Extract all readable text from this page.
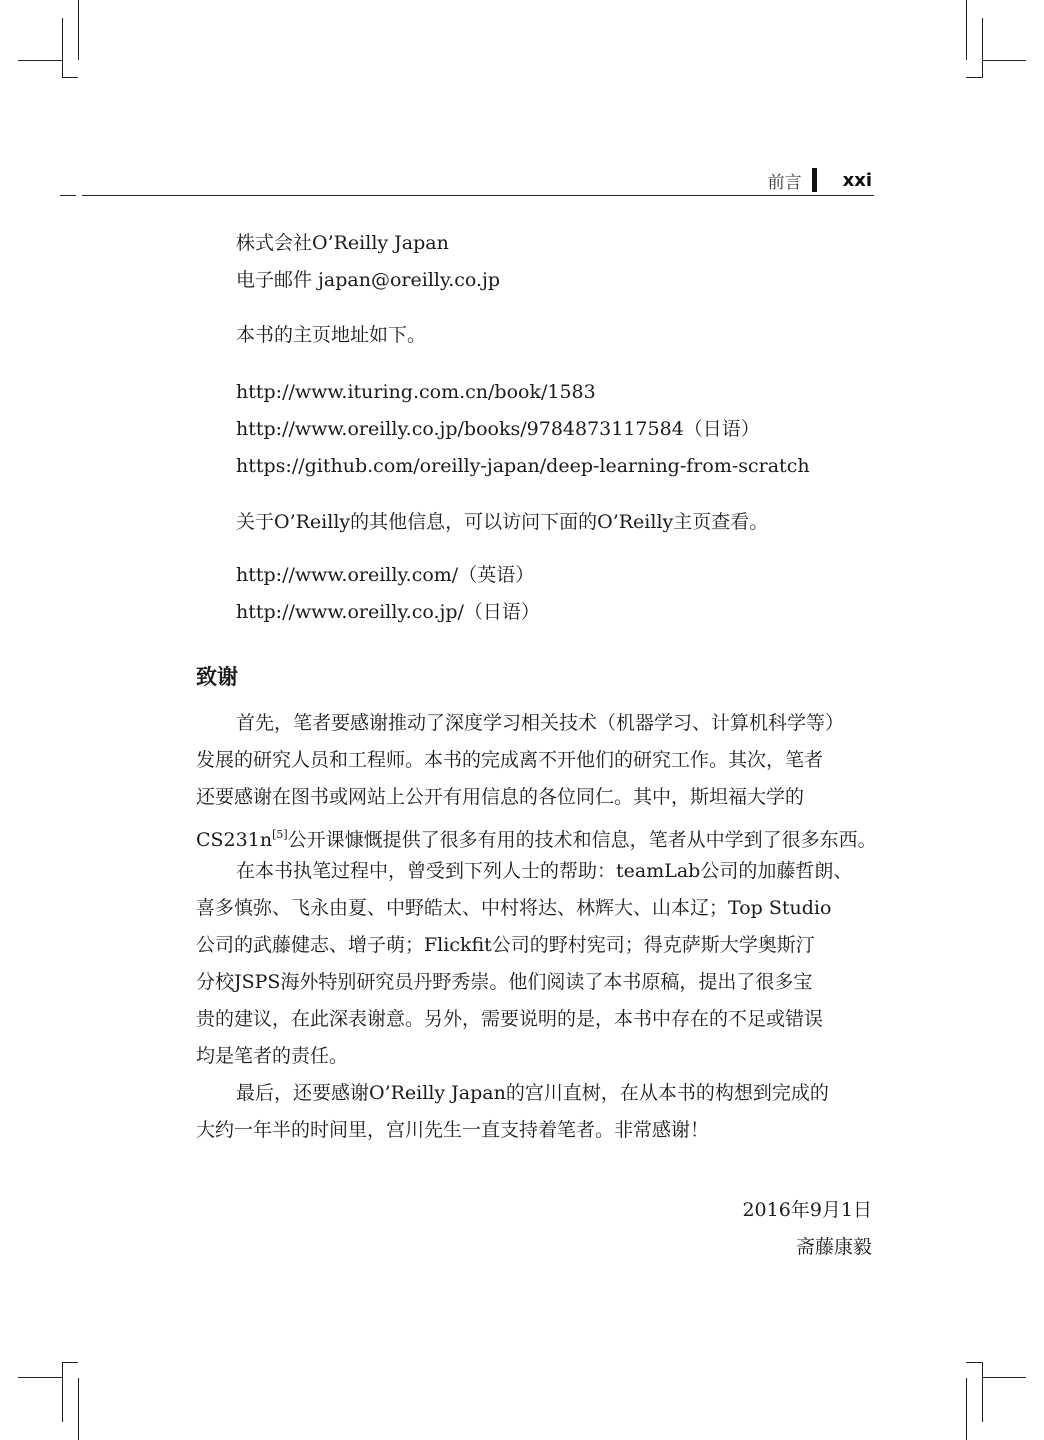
前言 xxi
株式会社O’Reilly Japan
电子邮件 japan@oreilly.co.jp
本书的主页地址如下。
http://www.ituring.com.cn/book/1583
http://www.oreilly.co.jp/books/9784873117584（日语）
https://github.com/oreilly-japan/deep-learning-from-scratch
关于O’Reilly的其他信息，可以访问下面的O’Reilly主页查看。
http://www.oreilly.com/（英语）
http://www.oreilly.co.jp/（日语）
致谢
首先，笔者要感谢推动了深度学习相关技术（机器学习、计算机科学等）
发展的研究人员和工程师。本书的完成离不开他们的研究工作。其次，笔者
还要感谢在图书或网站上公开有用信息的各位同仁。其中，斯坦福大学的
CS231n[5]公开课慷慨提供了很多有用的技术和信息，笔者从中学到了很多东西。
在本书执笔过程中，曾受到下列人士的帮助：teamLab公司的加藤哲朗、
喜多慎弥、飞永由夏、中野皓太、中村将达、林辉大、山本辽；Top Studio
公司的武藤健志、增子萌；Flickfit公司的野村宪司；得克萨斯大学奥斯汀
分校JSPS海外特别研究员丹野秀崇。他们阅读了本书原稿，提出了很多宝
贵的建议，在此深表谢意。另外，需要说明的是，本书中存在的不足或错误
均是笔者的责任。
最后，还要感谢O’Reilly Japan的宫川直树，在从本书的构想到完成的
大约一年半的时间里，宫川先生一直支持着笔者。非常感谢！
2016年9月1日
斋藤康毅
